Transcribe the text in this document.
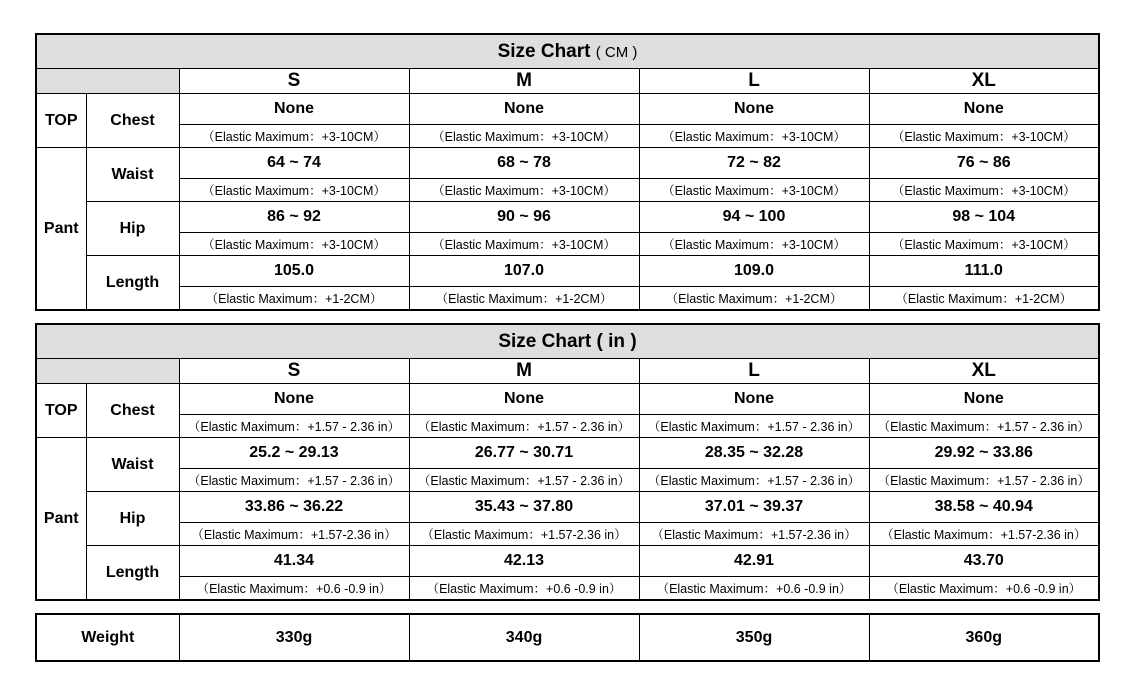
Size Chart ( CM )					
		S	M	L	XL
TOP	Chest	None	None	None	None
		（Elastic Maximum：+3-10CM）	（Elastic Maximum：+3-10CM）	（Elastic Maximum：+3-10CM）	（Elastic Maximum：+3-10CM）
Pant	Waist	64 ~ 74	68 ~ 78	72 ~ 82	76 ~ 86
		（Elastic Maximum：+3-10CM）	（Elastic Maximum：+3-10CM）	（Elastic Maximum：+3-10CM）	（Elastic Maximum：+3-10CM）
	Hip	86 ~ 92	90 ~ 96	94 ~ 100	98 ~ 104
		（Elastic Maximum：+3-10CM）	（Elastic Maximum：+3-10CM）	（Elastic Maximum：+3-10CM）	（Elastic Maximum：+3-10CM）
	Length	105.0	107.0	109.0	111.0
		（Elastic Maximum：+1-2CM）	（Elastic Maximum：+1-2CM）	（Elastic Maximum：+1-2CM）	（Elastic Maximum：+1-2CM）
Size Chart ( in )					
		S	M	L	XL
TOP	Chest	None	None	None	None
		（Elastic Maximum：+1.57 - 2.36 in）	（Elastic Maximum：+1.57 - 2.36 in）	（Elastic Maximum：+1.57 - 2.36 in）	（Elastic Maximum：+1.57 - 2.36 in）
Pant	Waist	25.2 ~ 29.13	26.77 ~ 30.71	28.35 ~ 32.28	29.92 ~ 33.86
		（Elastic Maximum：+1.57 - 2.36 in）	（Elastic Maximum：+1.57 - 2.36 in）	（Elastic Maximum：+1.57 - 2.36 in）	（Elastic Maximum：+1.57 - 2.36 in）
	Hip	33.86 ~ 36.22	35.43 ~ 37.80	37.01 ~ 39.37	38.58 ~ 40.94
		（Elastic Maximum：+1.57-2.36 in）	（Elastic Maximum：+1.57-2.36 in）	（Elastic Maximum：+1.57-2.36 in）	（Elastic Maximum：+1.57-2.36 in）
	Length	41.34	42.13	42.91	43.70
		（Elastic Maximum：+0.6 -0.9 in）	（Elastic Maximum：+0.6 -0.9 in）	（Elastic Maximum：+0.6 -0.9 in）	（Elastic Maximum：+0.6 -0.9 in）
Weight	330g	340g	350g	360g
